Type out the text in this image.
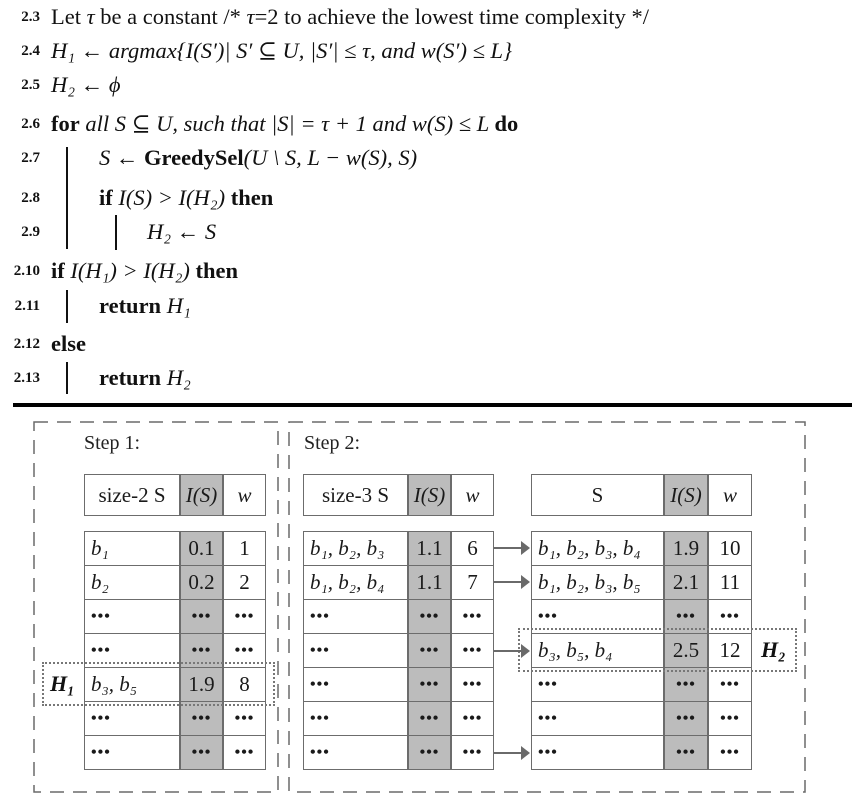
2.3 Let τ be a constant /* τ=2 to achieve the lowest time complexity */
2.4 H₁ ← argmax{I(S′)| S′ ⊆ U, |S′| ≤ τ, and w(S′) ≤ L}
2.5 H₂ ← ϕ
2.6 for all S ⊆ U, such that |S| = τ + 1 and w(S) ≤ L do
2.7	S ← GreedySel(U \ S, L − w(S), S)
2.8	if I(S) > I(H₂) then
2.9	H₂ ← S
2.10 if I(H₁) > I(H₂) then
2.11	return H₁
2.12 else
2.13	return H₂
Step 1:	Step 2:
size-2 S I(S) w
b₁	0.1 1
b₂	0.2 2
•••	••• •••
•••	••• •••
b₃, b₅ 1.9 8
•••	••• •••
•••	••• •••
size-3 S	I(S) w
b₁, b₂, b₃ 1.1 6
b₁, b₂, b₄ 1.1 7
•••	••• •••
•••	••• •••
•••	••• •••
•••	••• •••
•••	••• •••
S	I(S)	w
b₁, b₂, b₃, b₄ 1.9 10
b₁, b₂, b₃, b₅ 2.1 11
•••	••• •••
b₃, b₅, b₄	2.5 12
•••	••• •••
•••	••• •••
•••	••• •••
H₁
H₂
